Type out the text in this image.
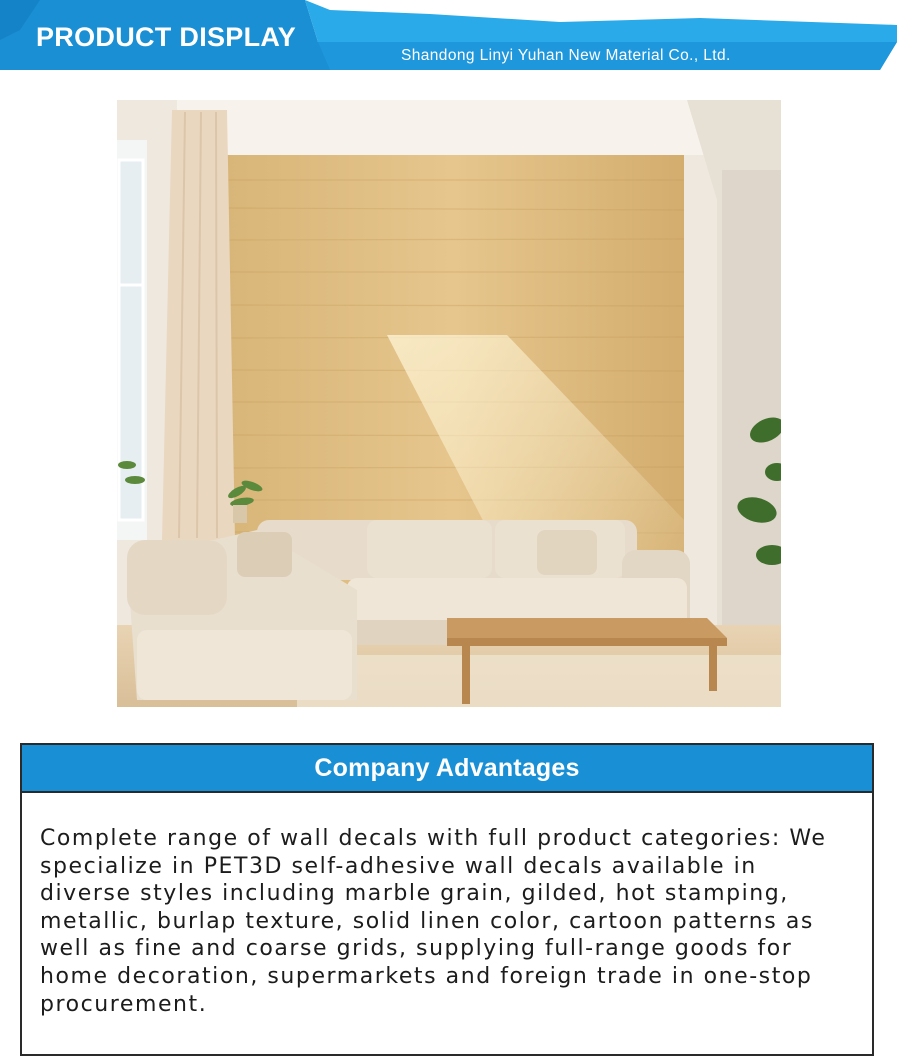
PRODUCT DISPLAY
Shandong Linyi Yuhan New Material Co., Ltd.
Company Advantages
Complete range of wall decals with full product categories: We specialize in PET3D self-adhesive wall decals available in diverse styles including marble grain, gilded, hot stamping, metallic, burlap texture, solid linen color, cartoon patterns as well as fine and coarse grids, supplying full-range goods for home decoration, supermarkets and foreign trade in one-stop procurement.
